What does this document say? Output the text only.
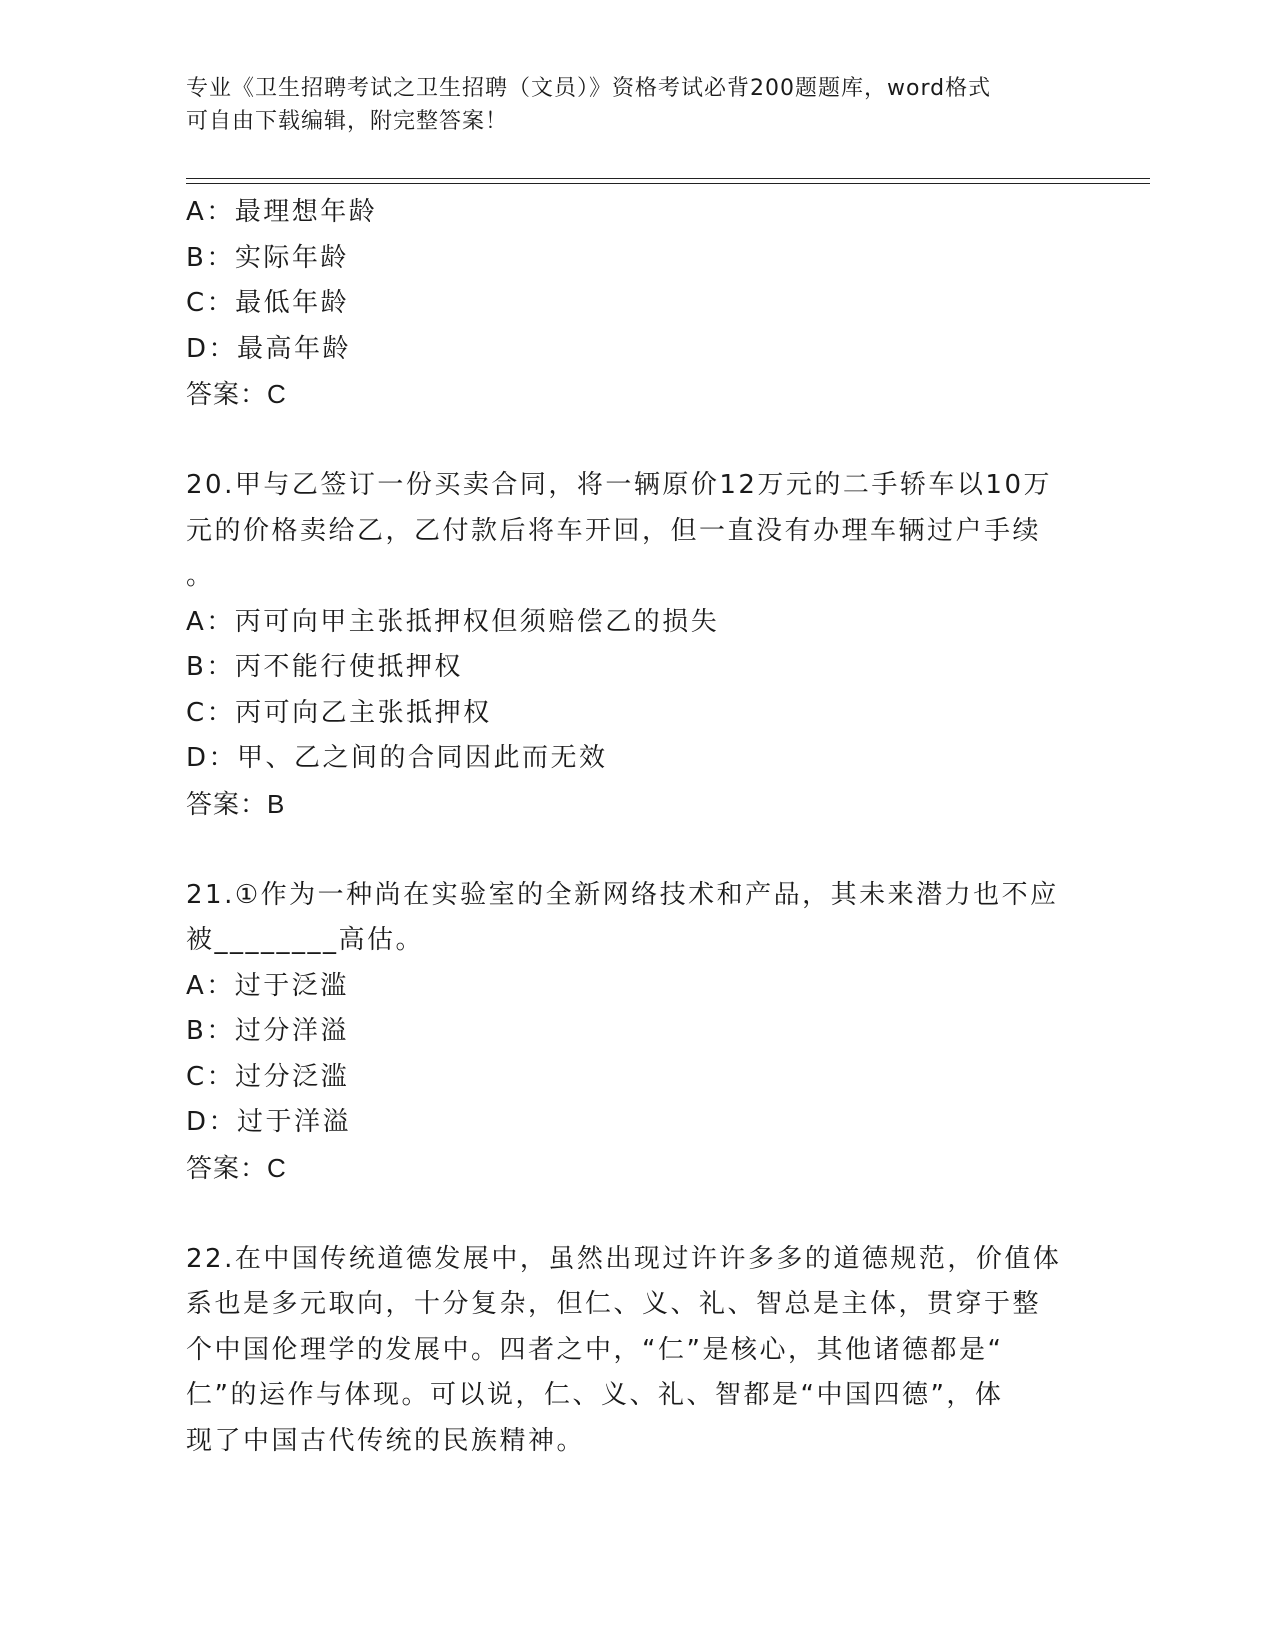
专业《卫生招聘考试之卫生招聘（文员）》资格考试必背200题题库，word格式
可自由下载编辑，附完整答案！
A：最理想年龄
B：实际年龄
C：最低年龄
D：最高年龄
答案：C
20.甲与乙签订一份买卖合同，将一辆原价12万元的二手轿车以10万
元的价格卖给乙，乙付款后将车开回，但一直没有办理车辆过户手续
。
A：丙可向甲主张抵押权但须赔偿乙的损失
B：丙不能行使抵押权
C：丙可向乙主张抵押权
D：甲、乙之间的合同因此而无效
答案：B
21.①作为一种尚在实验室的全新网络技术和产品，其未来潜力也不应
被________高估。
A：过于泛滥
B：过分洋溢
C：过分泛滥
D：过于洋溢
答案：C
22.在中国传统道德发展中，虽然出现过许许多多的道德规范，价值体
系也是多元取向，十分复杂，但仁、义、礼、智总是主体，贯穿于整
个中国伦理学的发展中。四者之中，“仁”是核心，其他诸德都是“
仁”的运作与体现。可以说，仁、义、礼、智都是“中国四德”，体
现了中国古代传统的民族精神。
